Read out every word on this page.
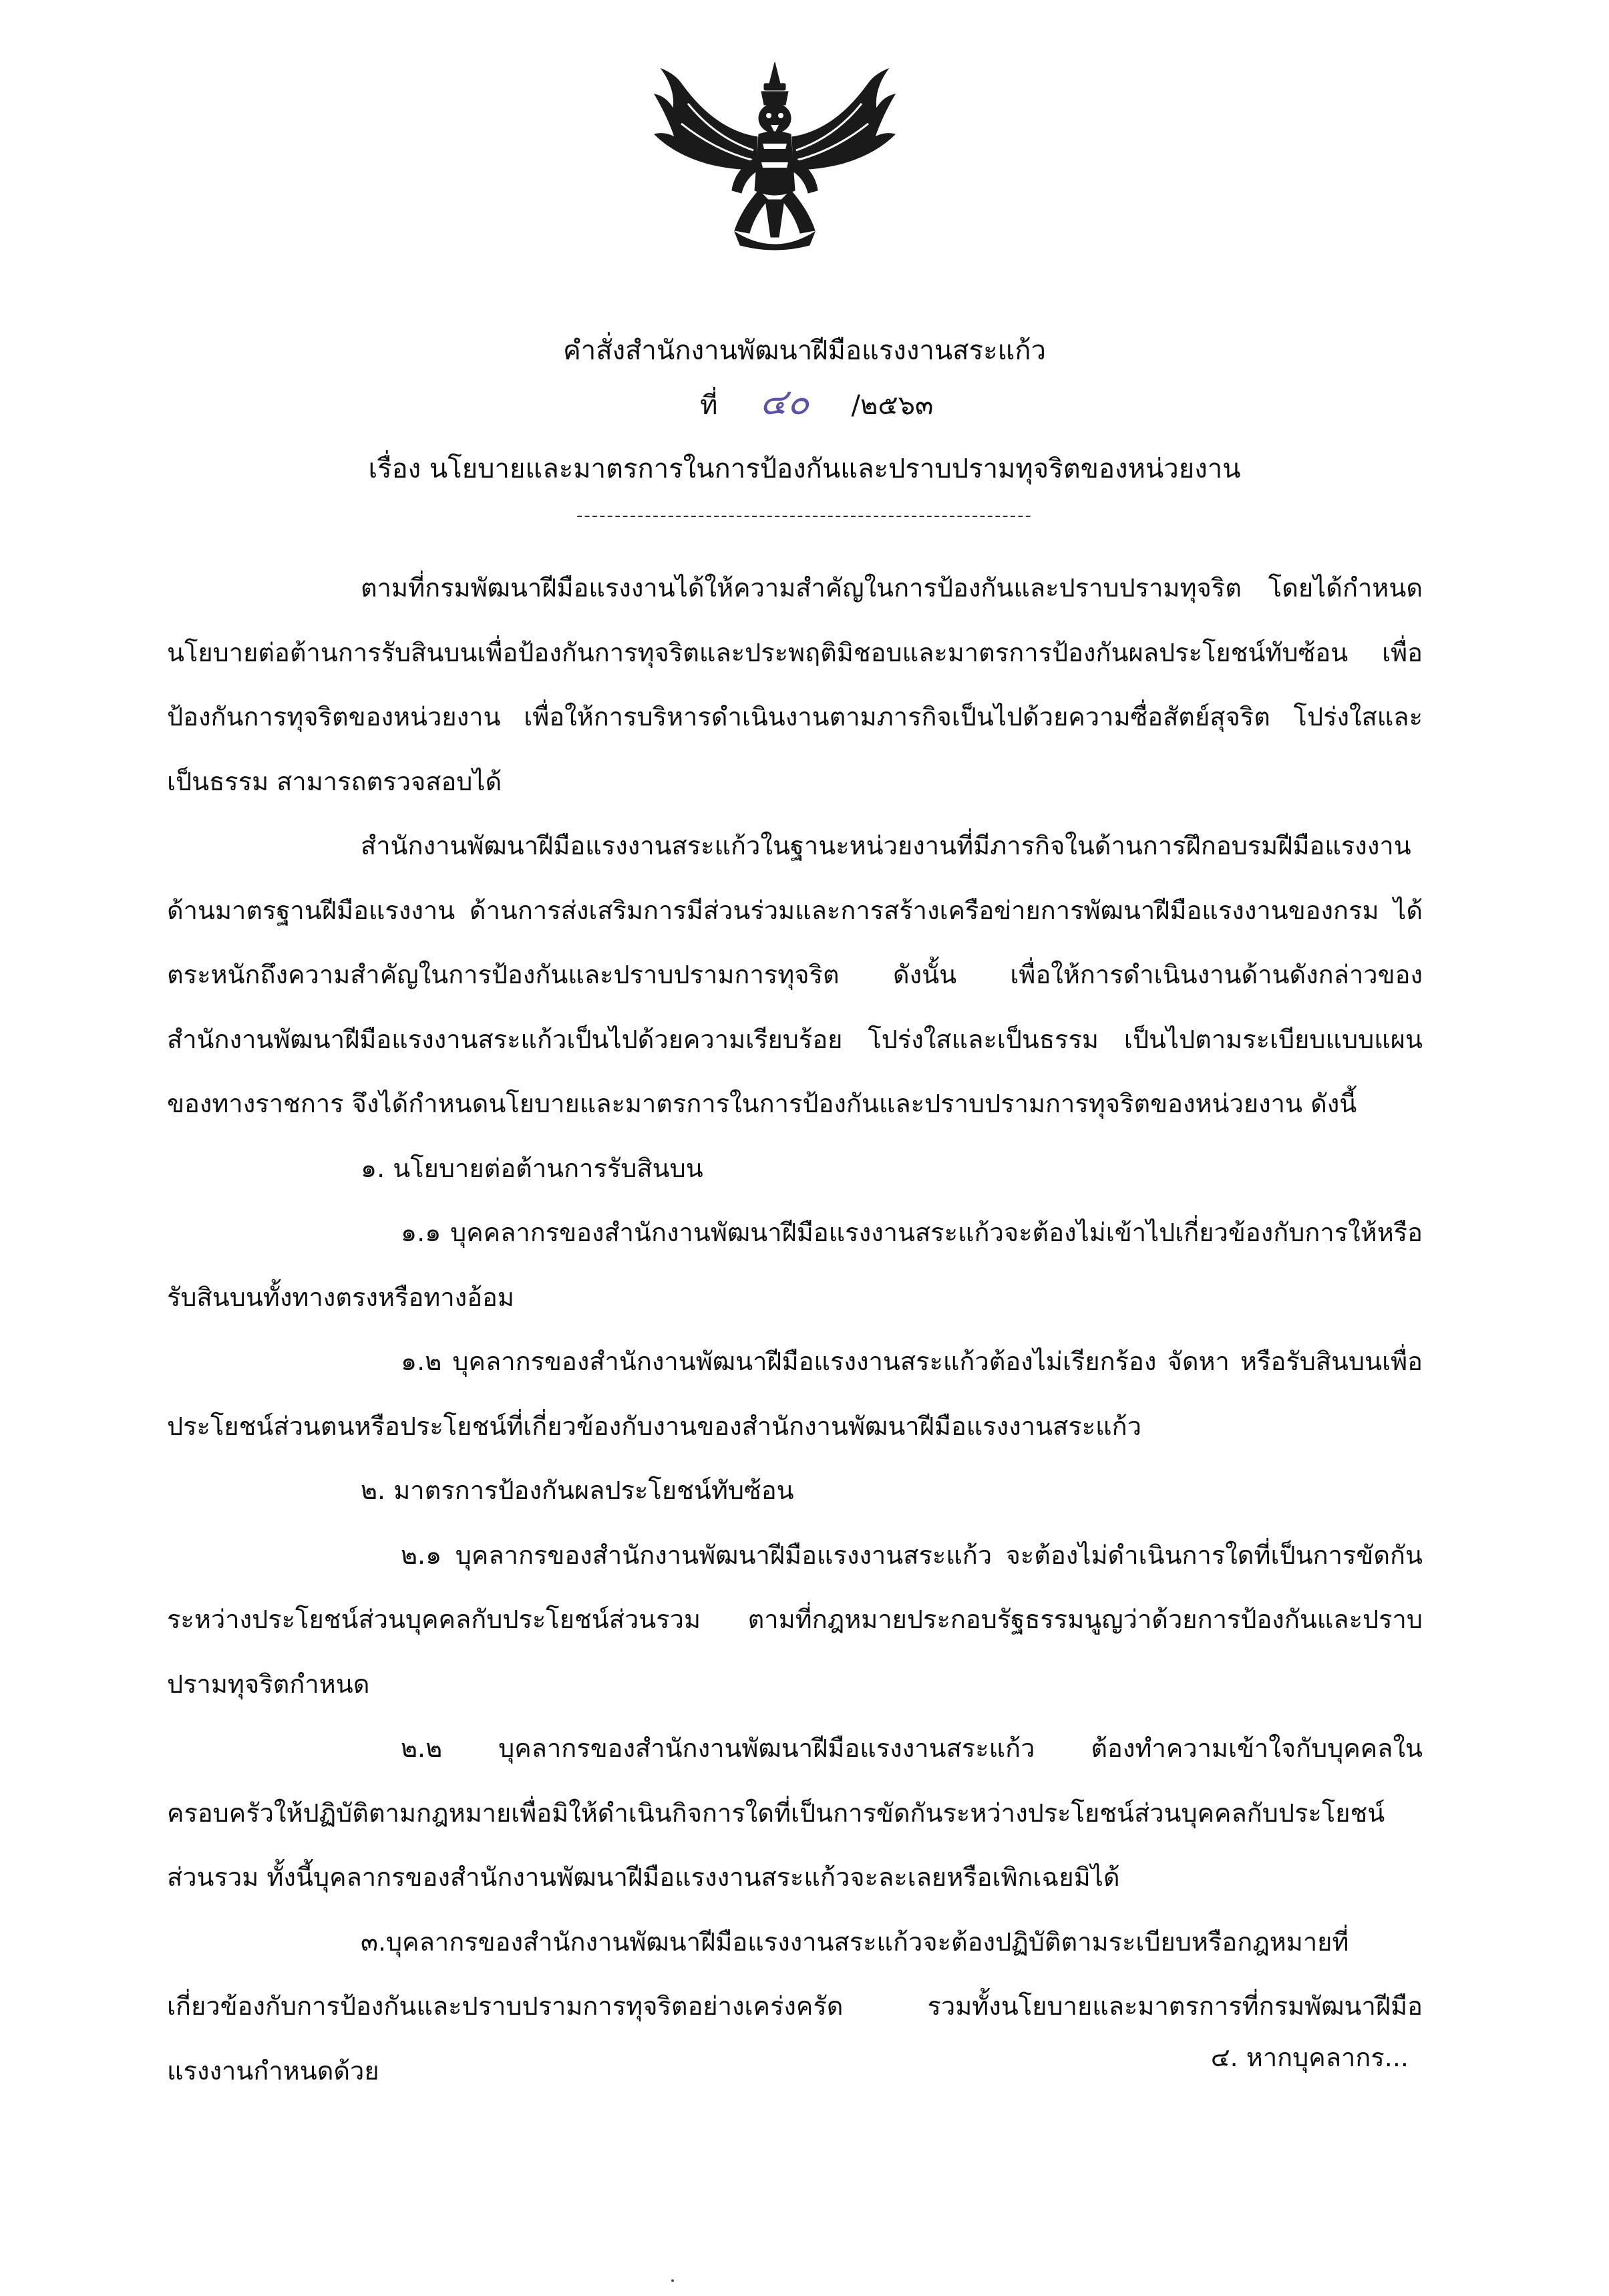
คำสั่งสำนักงานพัฒนาฝีมือแรงงานสระแก้ว
ที่ ๔๐ /๒๕๖๓
เรื่อง นโยบายและมาตรการในการป้องกันและปราบปรามทุจริตของหน่วยงาน
------------------------------------------------------------

ตามที่กรมพัฒนาฝีมือแรงงานได้ให้ความสำคัญในการป้องกันและปราบปรามทุจริต โดยได้กำหนดนโยบายต่อต้านการรับสินบนเพื่อป้องกันการทุจริตและประพฤติมิชอบและมาตรการป้องกันผลประโยชน์ทับซ้อน เพื่อป้องกันการทุจริตของหน่วยงาน เพื่อให้การบริหารดำเนินงานตามภารกิจเป็นไปด้วยความซื่อสัตย์สุจริต โปร่งใสและเป็นธรรม สามารถตรวจสอบได้

สำนักงานพัฒนาฝีมือแรงงานสระแก้วในฐานะหน่วยงานที่มีภารกิจในด้านการฝึกอบรมฝีมือแรงงาน ด้านมาตรฐานฝีมือแรงงาน ด้านการส่งเสริมการมีส่วนร่วมและการสร้างเครือข่ายการพัฒนาฝีมือแรงงานของกรม ได้ตระหนักถึงความสำคัญในการป้องกันและปราบปรามการทุจริต ดังนั้น เพื่อให้การดำเนินงานด้านดังกล่าวของสำนักงานพัฒนาฝีมือแรงงานสระแก้วเป็นไปด้วยความเรียบร้อย โปร่งใสและเป็นธรรม เป็นไปตามระเบียบแบบแผนของทางราชการ จึงได้กำหนดนโยบายและมาตรการในการป้องกันและปราบปรามการทุจริตของหน่วยงาน ดังนี้

๑. นโยบายต่อต้านการรับสินบน

๑.๑ บุคคลากรของสำนักงานพัฒนาฝีมือแรงงานสระแก้วจะต้องไม่เข้าไปเกี่ยวข้องกับการให้หรือรับสินบนทั้งทางตรงหรือทางอ้อม

๑.๒ บุคลากรของสำนักงานพัฒนาฝีมือแรงงานสระแก้วต้องไม่เรียกร้อง จัดหา หรือรับสินบนเพื่อประโยชน์ส่วนตนหรือประโยชน์ที่เกี่ยวข้องกับงานของสำนักงานพัฒนาฝีมือแรงงานสระแก้ว

๒. มาตรการป้องกันผลประโยชน์ทับซ้อน

๒.๑ บุคลากรของสำนักงานพัฒนาฝีมือแรงงานสระแก้ว จะต้องไม่ดำเนินการใดที่เป็นการขัดกันระหว่างประโยชน์ส่วนบุคคลกับประโยชน์ส่วนรวม ตามที่กฎหมายประกอบรัฐธรรมนูญว่าด้วยการป้องกันและปราบปรามทุจริตกำหนด

๒.๒ บุคลากรของสำนักงานพัฒนาฝีมือแรงงานสระแก้ว ต้องทำความเข้าใจกับบุคคลในครอบครัวให้ปฏิบัติตามกฎหมายเพื่อมิให้ดำเนินกิจการใดที่เป็นการขัดกันระหว่างประโยชน์ส่วนบุคคลกับประโยชน์ส่วนรวม ทั้งนี้บุคลากรของสำนักงานพัฒนาฝีมือแรงงานสระแก้วจะละเลยหรือเพิกเฉยมิได้

๓.บุคลากรของสำนักงานพัฒนาฝีมือแรงงานสระแก้วจะต้องปฏิบัติตามระเบียบหรือกฎหมายที่เกี่ยวข้องกับการป้องกันและปราบปรามการทุจริตอย่างเคร่งครัด รวมทั้งนโยบายและมาตรการที่กรมพัฒนาฝีมือแรงงานกำหนดด้วย	๔. หากบุคลากร...
